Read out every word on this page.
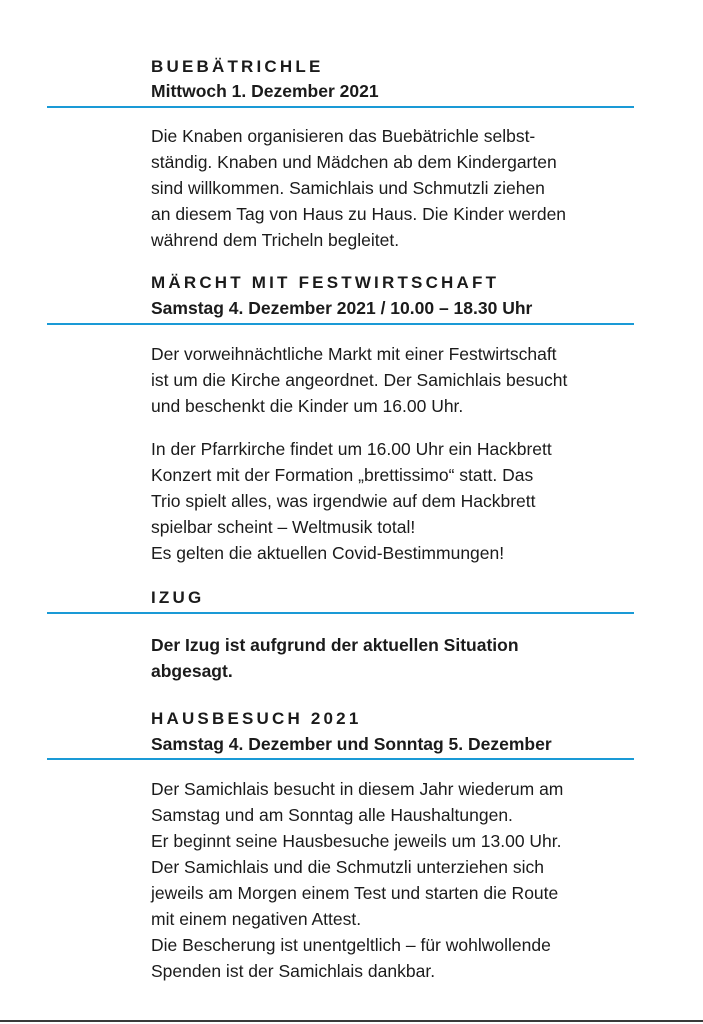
BUEBÄTRICHLE
Mittwoch 1. Dezember 2021

Die Knaben organisieren das Buebätrichle selbst-
ständig. Knaben und Mädchen ab dem Kindergarten
sind willkommen. Samichlais und Schmutzli ziehen
an diesem Tag von Haus zu Haus. Die Kinder werden
während dem Tricheln begleitet.

MÄRCHT MIT FESTWIRTSCHAFT
Samstag 4. Dezember 2021 / 10.00 – 18.30 Uhr

Der vorweihnächtliche Markt mit einer Festwirtschaft
ist um die Kirche angeordnet. Der Samichlais besucht
und beschenkt die Kinder um 16.00 Uhr.

In der Pfarrkirche findet um 16.00 Uhr ein Hackbrett
Konzert mit der Formation „brettissimo“ statt. Das
Trio spielt alles, was irgendwie auf dem Hackbrett
spielbar scheint – Weltmusik total!
Es gelten die aktuellen Covid-Bestimmungen!

IZUG

Der Izug ist aufgrund der aktuellen Situation
abgesagt.

HAUSBESUCH 2021
Samstag 4. Dezember und Sonntag 5. Dezember

Der Samichlais besucht in diesem Jahr wiederum am
Samstag und am Sonntag alle Haushaltungen.
Er beginnt seine Hausbesuche jeweils um 13.00 Uhr.
Der Samichlais und die Schmutzli unterziehen sich
jeweils am Morgen einem Test und starten die Route
mit einem negativen Attest.
Die Bescherung ist unentgeltlich – für wohlwollende
Spenden ist der Samichlais dankbar.
